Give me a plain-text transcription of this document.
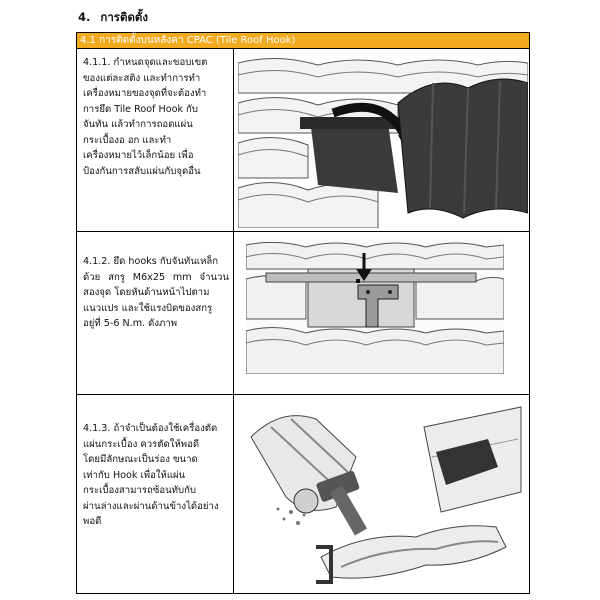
4. การติดตั้ง
4.1 การติดตั้งบนหลังคา CPAC (Tile Roof Hook)
4.1.1. กำหนดจุดและขอบเขต
ของแต่ละสติง และทำการทำ
เครื่องหมายของจุดที่จะต้องทำ
การยึด Tile Roof Hook กับ
จันทัน แล้วทำการถอดแผ่น
กระเบื้องอ อก และทำ
เครื่องหมายไว้เล็กน้อย เพื่อ
ป้องกันการสลับแผ่นกับจุดอื่น
4.1.2. ยึด hooks กับจันทันเหล็ก
ด้วย สกรู M6x25 mm จำนวน
สองจุด โดยหันด้านหน้าไปตาม
แนวแปร และใช้แรงบิดของสกรู
อยู่ที่ 5-6 N.m. ดังภาพ
4.1.3. ถ้าจำเป็นต้องใช้เครื่องตัด
แผ่นกระเบื้อง ควรตัดให้พอดี
โดยมีลักษณะเป็นร่อง ขนาด
เท่ากับ Hook เพื่อให้แผ่น
กระเบื้องสามารถซ้อนทับกับ
ผ่านล่างและผ่านด้านข้างได้อย่าง
พอดี
